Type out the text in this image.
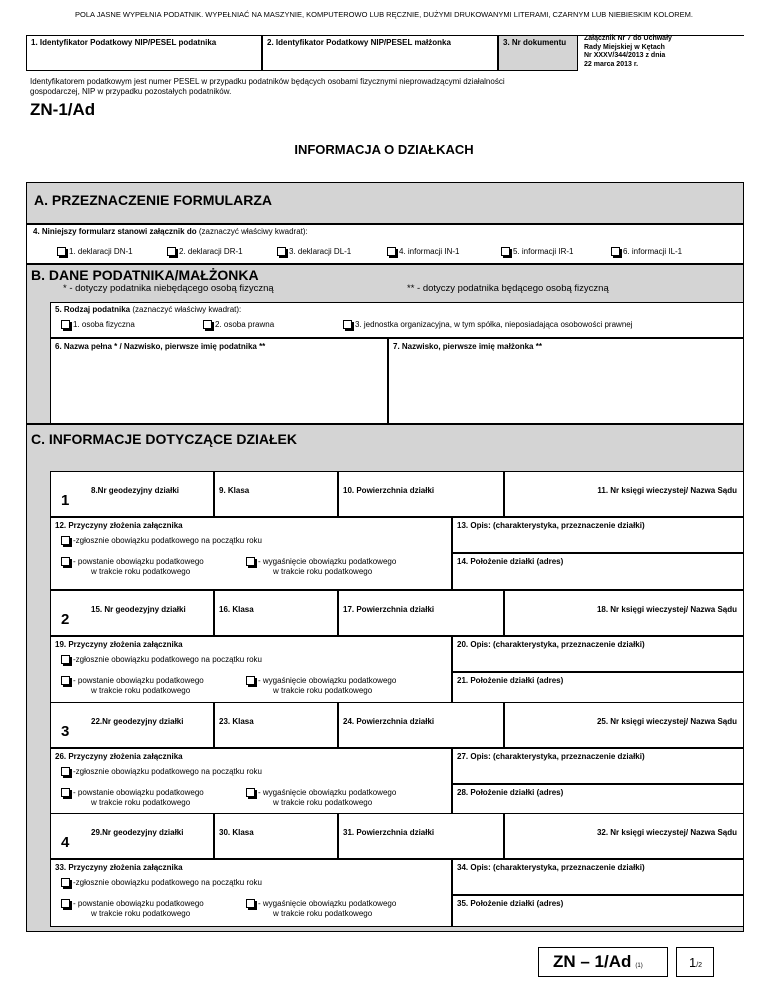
POLA JASNE WYPEŁNIA PODATNIK. WYPEŁNIAĆ NA MASZYNIE, KOMPUTEROWO LUB RĘCZNIE, DUŻYMI DRUKOWANYMI LITERAMI, CZARNYM LUB NIEBIESKIM KOLOREM.
1. Identyfikator Podatkowy NIP/PESEL podatnika	2. Identyfikator Podatkowy NIP/PESEL małżonka	3. Nr dokumentu	Załącznik Nr 7 do Uchwały
Rady Miejskiej w Kętach
Nr XXXV/344/2013 z dnia
22 marca 2013 r.
Identyfikatorem podatkowym jest numer PESEL w przypadku podatników będących osobami fizycznymi nieprowadzącymi działalności
gospodarczej, NIP w przypadku pozostałych podatników.
ZN-1/Ad
INFORMACJA O DZIAŁKACH
A. PRZEZNACZENIE FORMULARZA
4. Niniejszy formularz stanowi załącznik do (zaznaczyć właściwy kwadrat):
1. deklaracji DN-1	2. deklaracji DR-1	3. deklaracji DL-1	4. informacji IN-1	5. informacji IR-1	6. informacji IL-1
B. DANE PODATNIKA/MAŁŻONKA
* - dotyczy podatnika niebędącego osobą fizyczną	** - dotyczy podatnika będącego osobą fizyczną
5. Rodzaj podatnika (zaznaczyć właściwy kwadrat):
1. osoba fizyczna	2. osoba prawna	3. jednostka organizacyjna, w tym spółka, nieposiadająca osobowości prawnej
6. Nazwa pełna * / Nazwisko, pierwsze imię podatnika **	7. Nazwisko, pierwsze imię małżonka **
C. INFORMACJE DOTYCZĄCE DZIAŁEK
1
8.Nr geodezyjny działki	9. Klasa	10. Powierzchnia działki	11. Nr księgi wieczystej/ Nazwa Sądu
12. Przyczyny złożenia załącznika
-zgłosznie obowiązku podatkowego na początku roku
- powstanie obowiązku podatkowego
w trakcie roku podatkowego
- wygaśnięcie obowiązku podatkowego
w trakcie roku podatkowego
13. Opis: (charakterystyka, przeznaczenie działki)
14. Położenie działki (adres)
2
15. Nr geodezyjny działki	16. Klasa	17. Powierzchnia działki	18. Nr księgi wieczystej/ Nazwa Sądu
19. Przyczyny złożenia załącznika
-zgłosznie obowiązku podatkowego na początku roku
- powstanie obowiązku podatkowego
w trakcie roku podatkowego
- wygaśnięcie obowiązku podatkowego
w trakcie roku podatkowego
20. Opis: (charakterystyka, przeznaczenie działki)
21. Położenie działki (adres)
3
22.Nr geodezyjny działki	23. Klasa	24. Powierzchnia działki	25. Nr księgi wieczystej/ Nazwa Sądu
26. Przyczyny złożenia załącznika
-zgłosznie obowiązku podatkowego na początku roku
- powstanie obowiązku podatkowego
w trakcie roku podatkowego
- wygaśnięcie obowiązku podatkowego
w trakcie roku podatkowego
27. Opis: (charakterystyka, przeznaczenie działki)
28. Położenie działki (adres)
4
29.Nr geodezyjny działki	30. Klasa	31. Powierzchnia działki	32. Nr księgi wieczystej/ Nazwa Sądu
33. Przyczyny złożenia załącznika
-zgłosznie obowiązku podatkowego na początku roku
- powstanie obowiązku podatkowego
w trakcie roku podatkowego
- wygaśnięcie obowiązku podatkowego
w trakcie roku podatkowego
34. Opis: (charakterystyka, przeznaczenie działki)
35. Położenie działki (adres)
ZN – 1/Ad (1)	1/2
